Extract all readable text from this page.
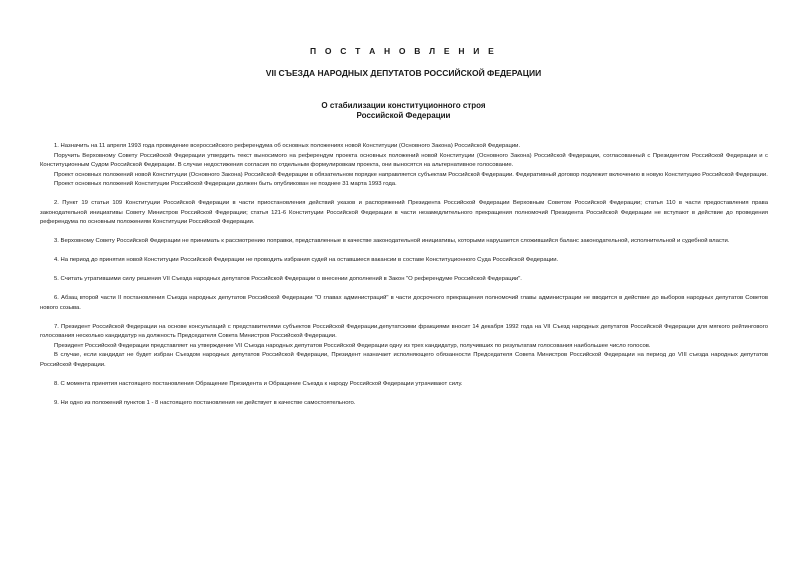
П О С Т А Н О В Л Е Н И Е
VII СЪЕЗДА НАРОДНЫХ ДЕПУТАТОВ РОССИЙСКОЙ ФЕДЕРАЦИИ
О стабилизации конституционного строя
Российской Федерации

1. Назначить на 11 апреля 1993 года проведение всероссийского референдума об основных положениях новой Конституции (Основного Закона) Российской Федерации.

Поручить Верховному Совету Российской Федерации утвердить текст выносимого на референдум проекта основных положений новой Конституции (Основного Закона) Российской Федерации, согласованный с Президентом Российской Федерации и с Конституционным Судом Российской Федерации. В случае недостижения согласия по отдельным формулировкам проекта, они выносятся на альтернативное голосование.

Проект основных положений новой Конституции (Основного Закона) Российской Федерации в обязательном порядке направляется субъектам Российской Федерации. Федеративный договор подлежит включению в новую Конституцию Российской Федерации.

Проект основных положений Конституции Российской Федерации должен быть опубликован не позднее 31 марта 1993 года.

2. Пункт 19 статьи 109 Конституции Российской Федерации в части приостановления действий указов и распоряжений Президента Российской Федерации Верховным Советом Российской Федерации; статья 110 в части предоставления права законодательной инициативы Совету Министров Российской Федерации; статья 121-6 Конституции Российской Федерации в части незамедлительного прекращения полномочий Президента Российской Федерации не вступают в действие до проведения референдума по основным положениям Конституции Российской Федерации.

3. Верховному Совету Российской Федерации не принимать к рассмотрению поправки, представленные в качестве законодательной инициативы, которыми нарушается сложившийся баланс законодательной, исполнительной и судебной власти.

4. На период до принятия новой Конституции Российской Федерации не проводить избрания судей на оставшиеся вакансии в составе Конституционного Суда Российской Федерации.

5. Считать утратившими силу решения VII Съезда народных депутатов Российской Федерации о внесении дополнений в Закон "О референдуме Российской Федерации".

6. Абзац второй части II постановления Съезда народных депутатов Российской Федерации "О главах администраций" в части досрочного прекращения полномочий главы администрации не вводится в действие до выборов народных депутатов Советов нового созыва.

7. Президент Российской Федерации на основе консультаций с представителями субъектов Российской Федерации,депутатскими фракциями вносит 14 декабря 1992 года на VII Съезд народных депутатов Российской Федерации для мягкого рейтингового голосования несколько кандидатур на должность Председателя Совета Министров Российской Федерации.

Президент Российской Федерации представляет на утверждение VII Съезда народных депутатов Российской Федерации одну из трех кандидатур, получивших по результатам голосования наибольшее число голосов.

В случае, если кандидат не будет избран Съездом народных депутатов Российской Федерации, Президент назначает исполняющего обязанности Председателя Совета Министров Российской Федерации на период до VIII съезда народных депутатов Российской Федерации.

8. С момента принятия настоящего постановления Обращение Президента и Обращение Съезда к народу Российской Федерации утрачивают силу.

9. Ни одно из положений пунктов 1 - 8 настоящего постановления не действует в качестве самостоятельного.
